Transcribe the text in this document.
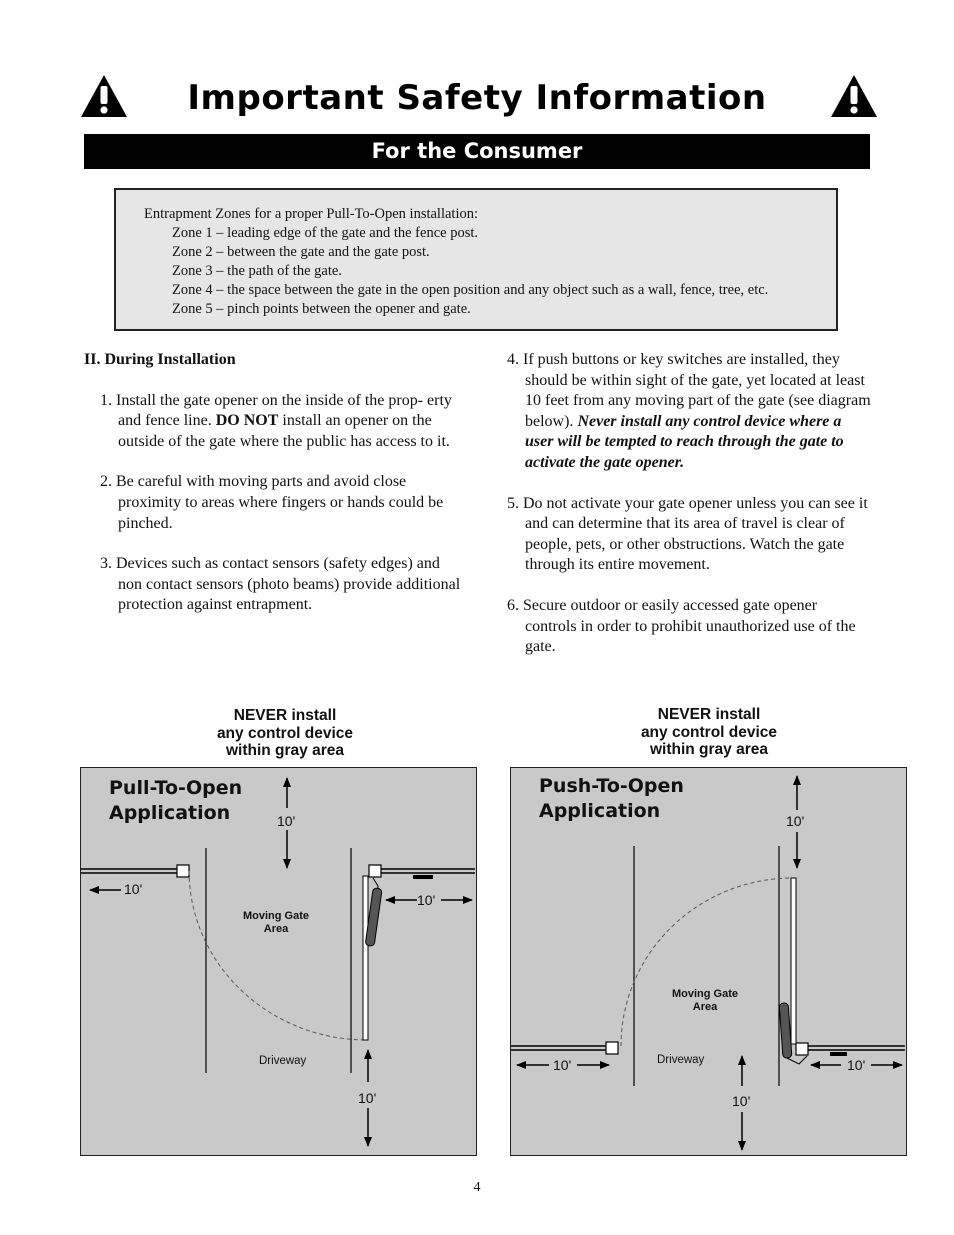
Important Safety Information
For the Consumer
Entrapment Zones for a proper Pull-To-Open installation:
Zone 1 – leading edge of the gate and the fence post.
Zone 2 – between the gate and the gate post.
Zone 3 – the path of the gate.
Zone 4 – the space between the gate in the open position and any object such as a wall, fence, tree, etc.
Zone 5 – pinch points between the opener and gate.

II. During Installation

1. Install the gate opener on the inside of the prop- erty and fence line. DO NOT install an opener on the outside of the gate where the public has access to it.

2. Be careful with moving parts and avoid close proximity to areas where fingers or hands could be pinched.

3. Devices such as contact sensors (safety edges) and non contact sensors (photo beams) provide additional protection against entrapment.

4. If push buttons or key switches are installed, they should be within sight of the gate, yet located at least 10 feet from any moving part of the gate (see diagram below). Never install any control device where a user will be tempted to reach through the gate to activate the gate opener.

5. Do not activate your gate opener unless you can see it and can determine that its area of travel is clear of people, pets, or other obstructions. Watch the gate through its entire movement.

6. Secure outdoor or easily accessed gate opener controls in order to prohibit unauthorized use of the gate.

NEVER install
any control device
within gray area
NEVER install
any control device
within gray area
Pull-To-Open
Application	10'
10'
10'
10'
Moving Gate
Area
Driveway
Push-To-Open
Application	10'
10'	10'
10'
Moving Gate
Area
Driveway
4
